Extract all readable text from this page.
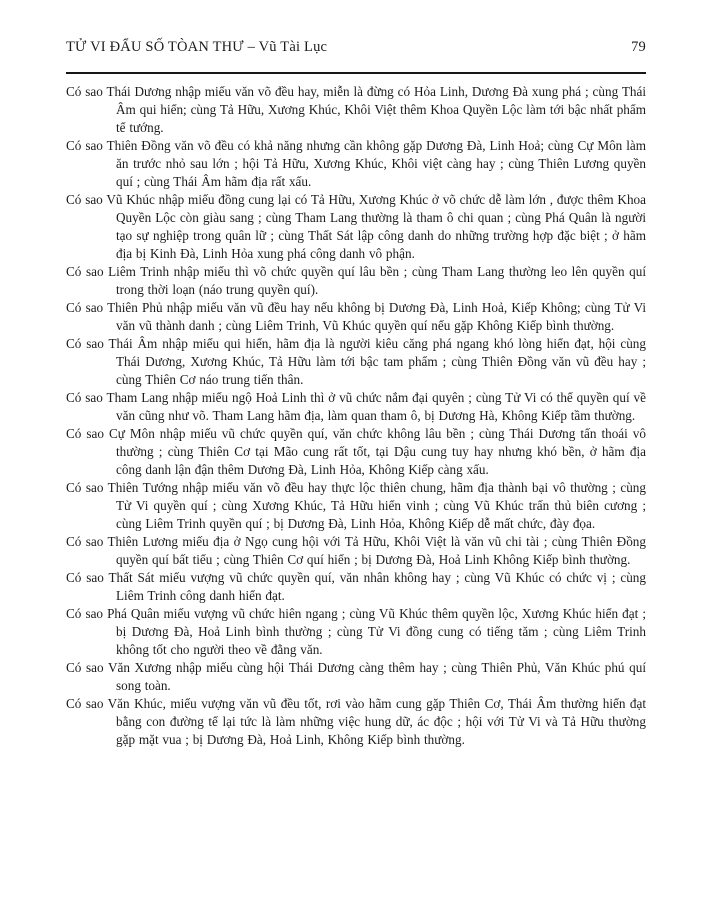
TỬ VI ĐẨU SỐ TÒAN THƯ – Vũ Tài Lục	79

Có sao Thái Dương nhập miếu văn võ đều hay, miễn là đừng có Hỏa Linh, Dương Đà xung phá ; cùng Thái Âm qui hiển; cùng Tả Hữu, Xương Khúc, Khôi Việt thêm Khoa Quyền Lộc làm tới bậc nhất phẩm tể tướng.

Có sao Thiên Đồng văn võ đều có khả năng nhưng cần không gặp Dương Đà, Linh Hoả; cùng Cự Môn làm ăn trước nhỏ sau lớn ; hội Tả Hữu, Xương Khúc, Khôi việt càng hay ; cùng Thiên Lương quyền quí ; cùng Thái Âm hãm địa rất xấu.

Có sao Vũ Khúc nhập miếu đồng cung lại có Tả Hữu, Xương Khúc ở võ chức dễ làm lớn , được thêm Khoa Quyền Lộc còn giàu sang ; cùng Tham Lang thường là tham ô chi quan ; cùng Phá Quân là người tạo sự nghiệp trong quân lữ ; cùng Thất Sát lập công danh do những trường hợp đặc biệt ; ở hãm địa bị Kinh Đà, Linh Hỏa xung phá công danh vô phận.

Có sao Liêm Trinh nhập miếu thì võ chức quyền quí lâu bền ; cùng Tham Lang thường leo lên quyền quí trong thời loạn (náo trung quyền quí).

Có sao Thiên Phủ nhập miếu văn vũ đều hay nếu không bị Dương Đà, Linh Hoả, Kiếp Không; cùng Tử Vi văn vũ thành danh ; cùng Liêm Trinh, Vũ Khúc quyền quí nếu gặp Không Kiếp bình thường.

Có sao Thái Âm nhập miếu qui hiển, hãm địa là người kiêu căng phá ngang khó lòng hiển đạt, hội cùng Thái Dương, Xương Khúc, Tả Hữu làm tới bậc tam phẩm ; cùng Thiên Đồng văn vũ đều hay ; cùng Thiên Cơ náo trung tiến thân.

Có sao Tham Lang nhập miếu ngộ Hoả Linh thì ở vũ chức nắm đại quyên ; cùng Tử Vi có thể quyền quí về văn cũng như võ. Tham Lang hãm địa, làm quan tham ô, bị Dương Hà, Không Kiếp tầm thường.

Có sao Cự Môn nhập miếu vũ chức quyền quí, văn chức không lâu bền ; cùng Thái Dương tấn thoái vô thường ; cùng Thiên Cơ tại Mão cung rất tốt, tại Dậu cung tuy hay nhưng khó bền, ở hãm địa công danh lận đận thêm Dương Đà, Linh Hỏa, Không Kiếp càng xấu.

Có sao Thiên Tướng nhập miếu văn võ đều hay thực lộc thiên chung, hãm địa thành bại vô thường ; cùng Tử Vi quyền quí ; cùng Xương Khúc, Tả Hữu hiển vinh ; cùng Vũ Khúc trấn thủ biên cương ; cùng Liêm Trinh quyền quí ; bị Dương Đà, Linh Hỏa, Không Kiếp dễ mất chức, đày đọa.

Có sao Thiên Lương miếu địa ở Ngọ cung hội với Tả Hữu, Khôi Việt là văn vũ chi tài ; cùng Thiên Đồng quyền quí bất tiểu ; cùng Thiên Cơ quí hiển ; bị Dương Đà, Hoả Linh Không Kiếp bình thường.

Có sao Thất Sát miếu vượng vũ chức quyền quí, văn nhân không hay ; cùng Vũ Khúc có chức vị ; cùng Liêm Trinh công danh hiển đạt.

Có sao Phá Quân miếu vượng vũ chức hiên ngang ; cùng Vũ Khúc thêm quyền lộc, Xương Khúc hiển đạt ; bị Dương Đà, Hoả Linh bình thường ; cùng Tử Vi đồng cung có tiếng tăm ; cùng Liêm Trinh không tốt cho người theo về đằng văn.

Có sao Văn Xương nhập miếu cùng hội Thái Dương càng thêm hay ; cùng Thiên Phủ, Văn Khúc phú quí song toàn.

Có sao Văn Khúc, miếu vượng văn vũ đều tốt, rơi vào hãm cung gặp Thiên Cơ, Thái Âm thường hiển đạt bằng con đường tể lại tức là làm những việc hung dữ, ác độc ; hội với Tử Vi và Tả Hữu thường gặp mặt vua ; bị Dương Đà, Hoả Linh, Không Kiếp bình thường.
